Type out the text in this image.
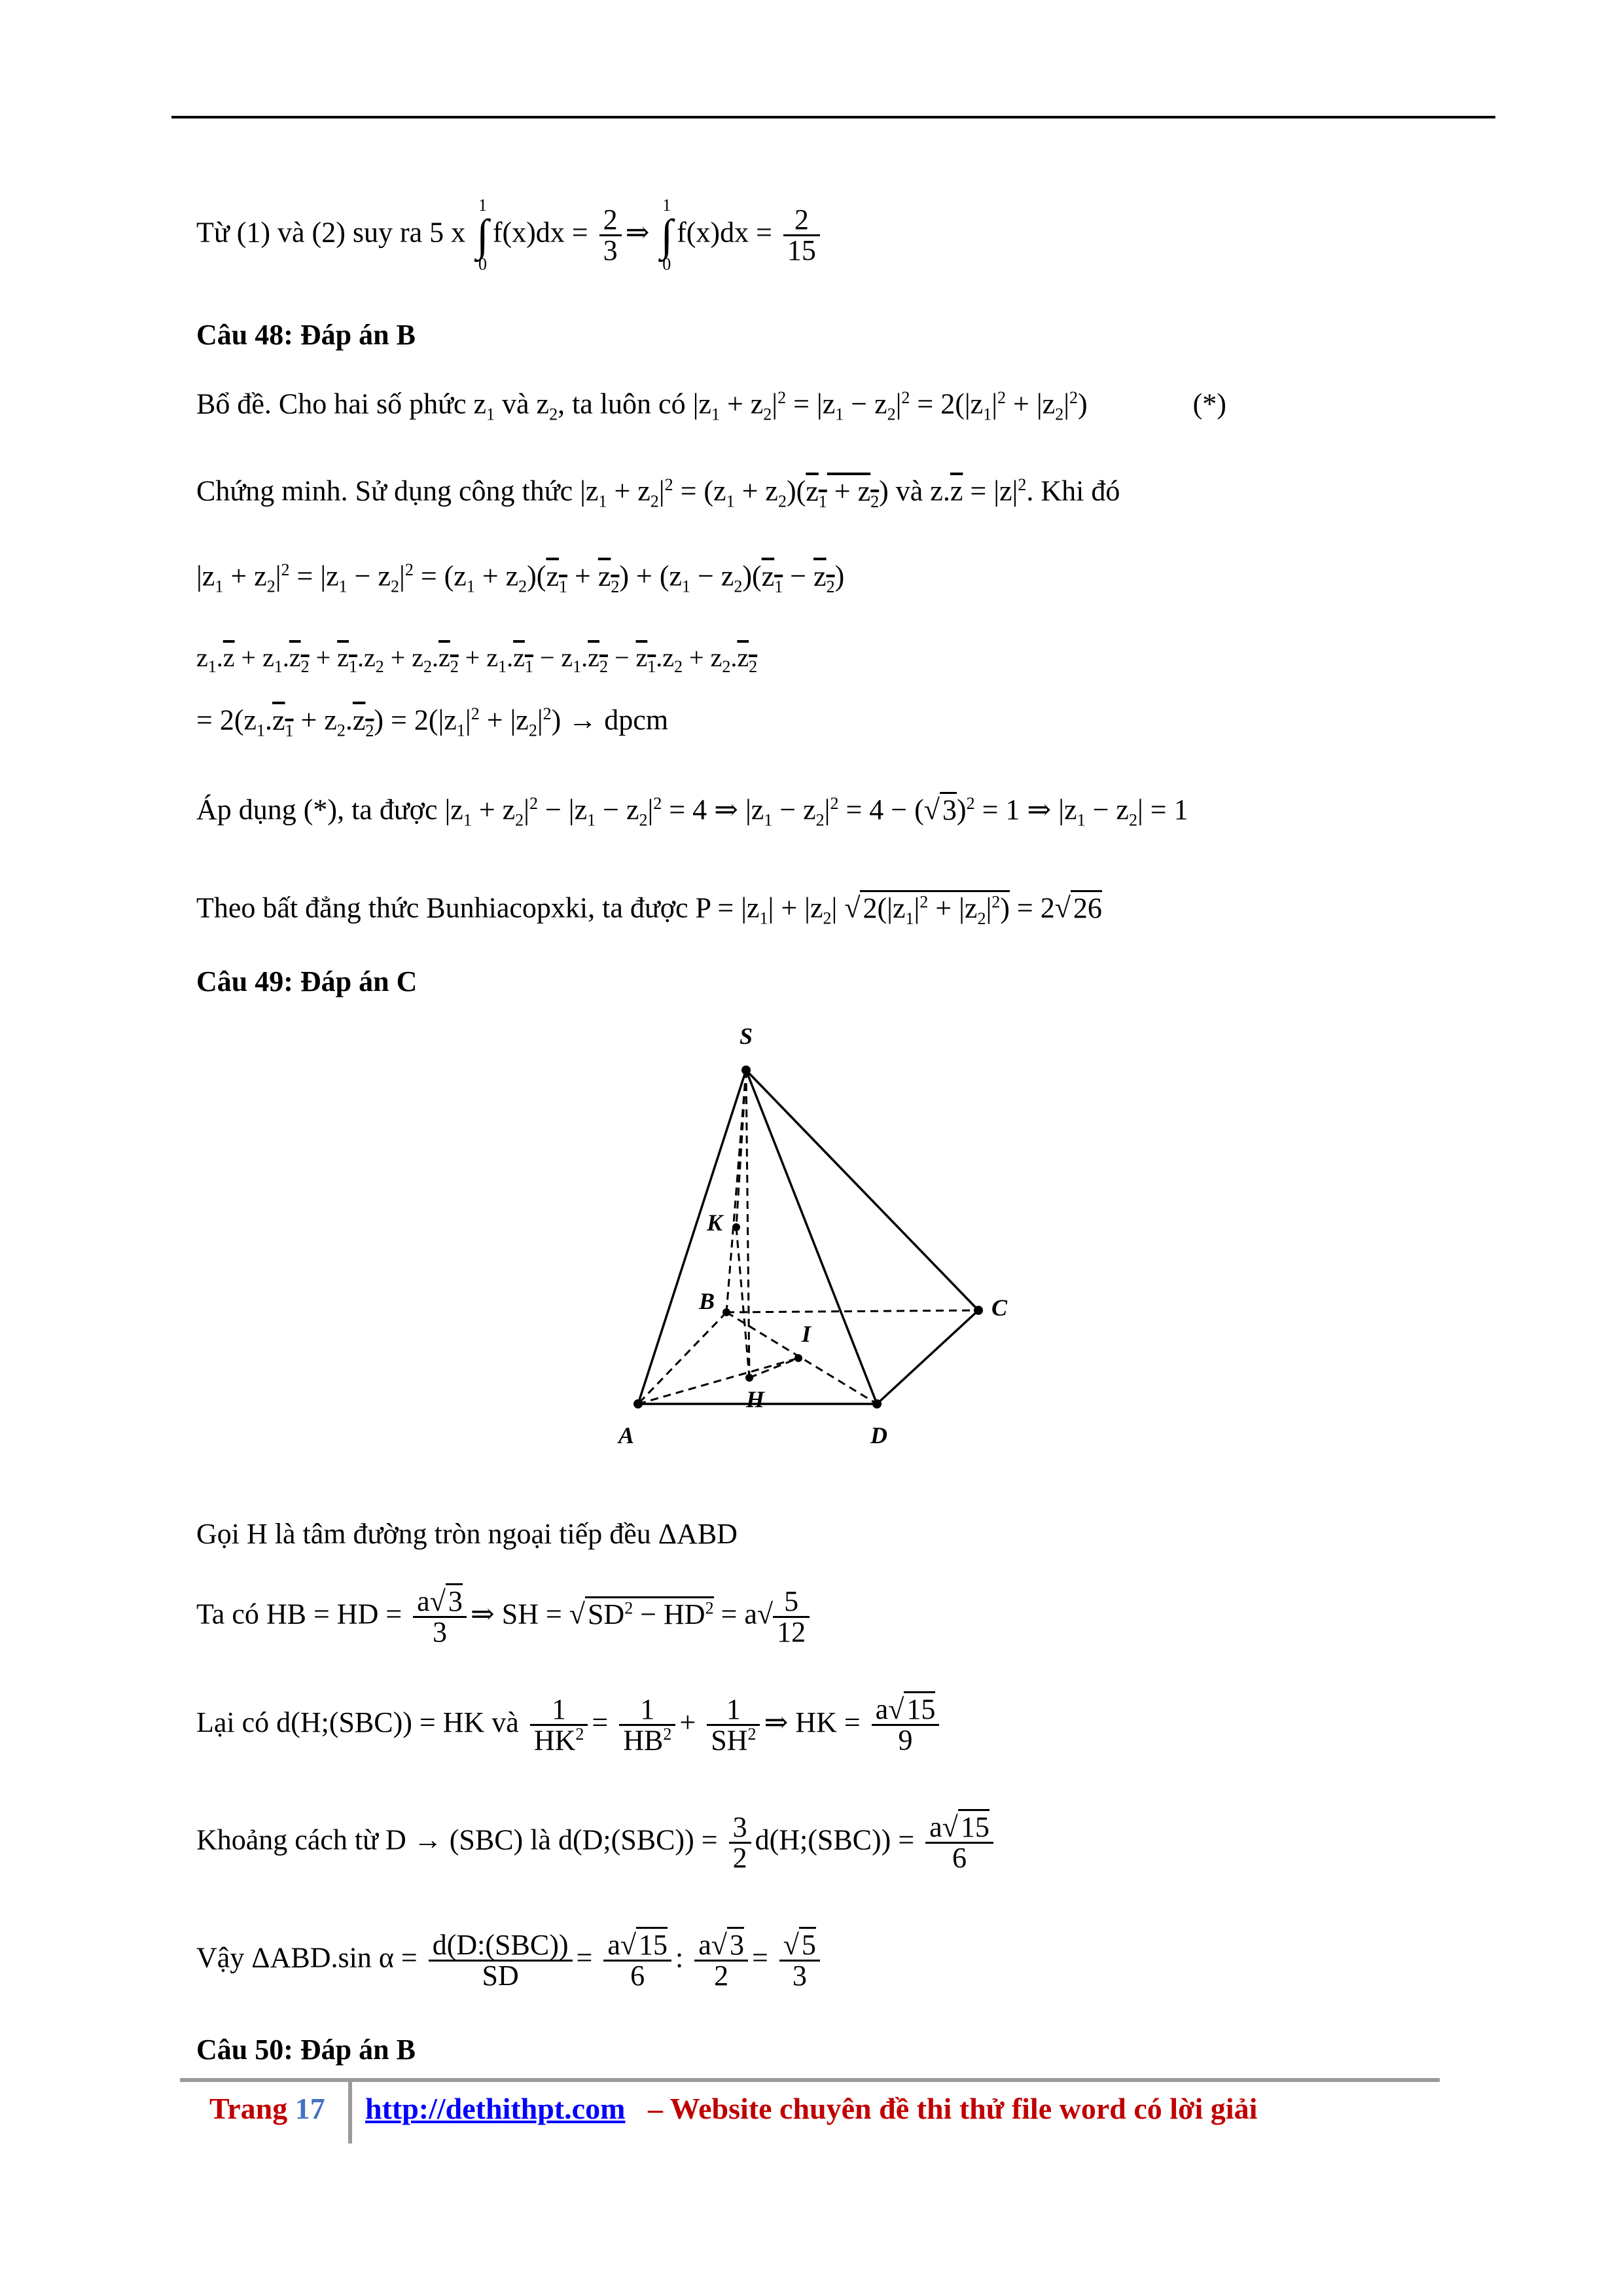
Từ (1) và (2) suy ra 5 x
1
∫
0
$f(x)dx = \frac{2}{3}$ ⇒
1
∫
0
$f(x)dx = \frac{2}{15}$
Câu 48: Đáp án B
Bổ đề. Cho hai số phức $z_1$ và $z_2$, ta luôn có $|z_1 + z_2|^2 = |z_1 - z_2|^2 = 2(|z_1|^2 + |z_2|^2)$	(*)
Chứng minh. Sử dụng công thức $|z_1 + z_2|^2 = (z_1 + z_2)(z_1 + z_2)$ và $z.\overline{z} = |z|^2$. Khi đó
$|z_1 + z_2|^2 = |z_1 - z_2|^2 = (z_1 + z_2)(z_1 + z_2) + (z_1 - z_2)(z_1 - z_2)$
$z_1.\overline{z} + z_1.z_2 + z_1.z_2 + z_2.z_2 + z_1.z_1 - z_1.z_2 - z_1.z_2 + z_2.z_2$
= $2(z_1.z_1 + z_2.z_2) = 2(|z_1|^2 + |z_2|^2)$ → dpcm
Áp dụng (*), ta được $|z_1 + z_2|^2 - |z_1 - z_2|^2 = 4$ ⇒ $|z_1 - z_2|^2 = 4 - (√3)^2 = 1$ ⇒ $|z_1 - z_2| = 1$
Theo bất đẳng thức Bunhiacopxki, ta được $P = |z_1| + |z_2|$ $√2(|z_1|^2 + |z_2|^2) = 2√26$
Câu 49: Đáp án C
S
K
B
I
H
C
A	D
Gọi H là tâm đường tròn ngoại tiếp đều ΔABD
Ta có HB = HD = $\frac{a√3}{3}$ ⇒ SH = $√SD^2 - HD^2 = a√ \frac{5}{12}$
Lại có d(H;(SBC)) = HK và $\frac{1}{HK^2} = \frac{1}{HB^2} + \frac{1}{SH^2}$ ⇒ HK = $\frac{a√15}{9}$
Khoảng cách từ D → (SBC) là d(D;(SBC)) = $\frac{3}{2}$ d(H;(SBC)) = $\frac{a√15}{6}$
Vậy ΔABD.sin $\alpha = \frac{\text{d(D:(SBC))}}{SD} = \frac{a√15}{6}$ : $\frac{a√3}{2} = \frac{√5}{3}$
Câu 50: Đáp án B
Trang 17 http://dethithpt.com – Website chuyên đề thi thử file word có lời giải
